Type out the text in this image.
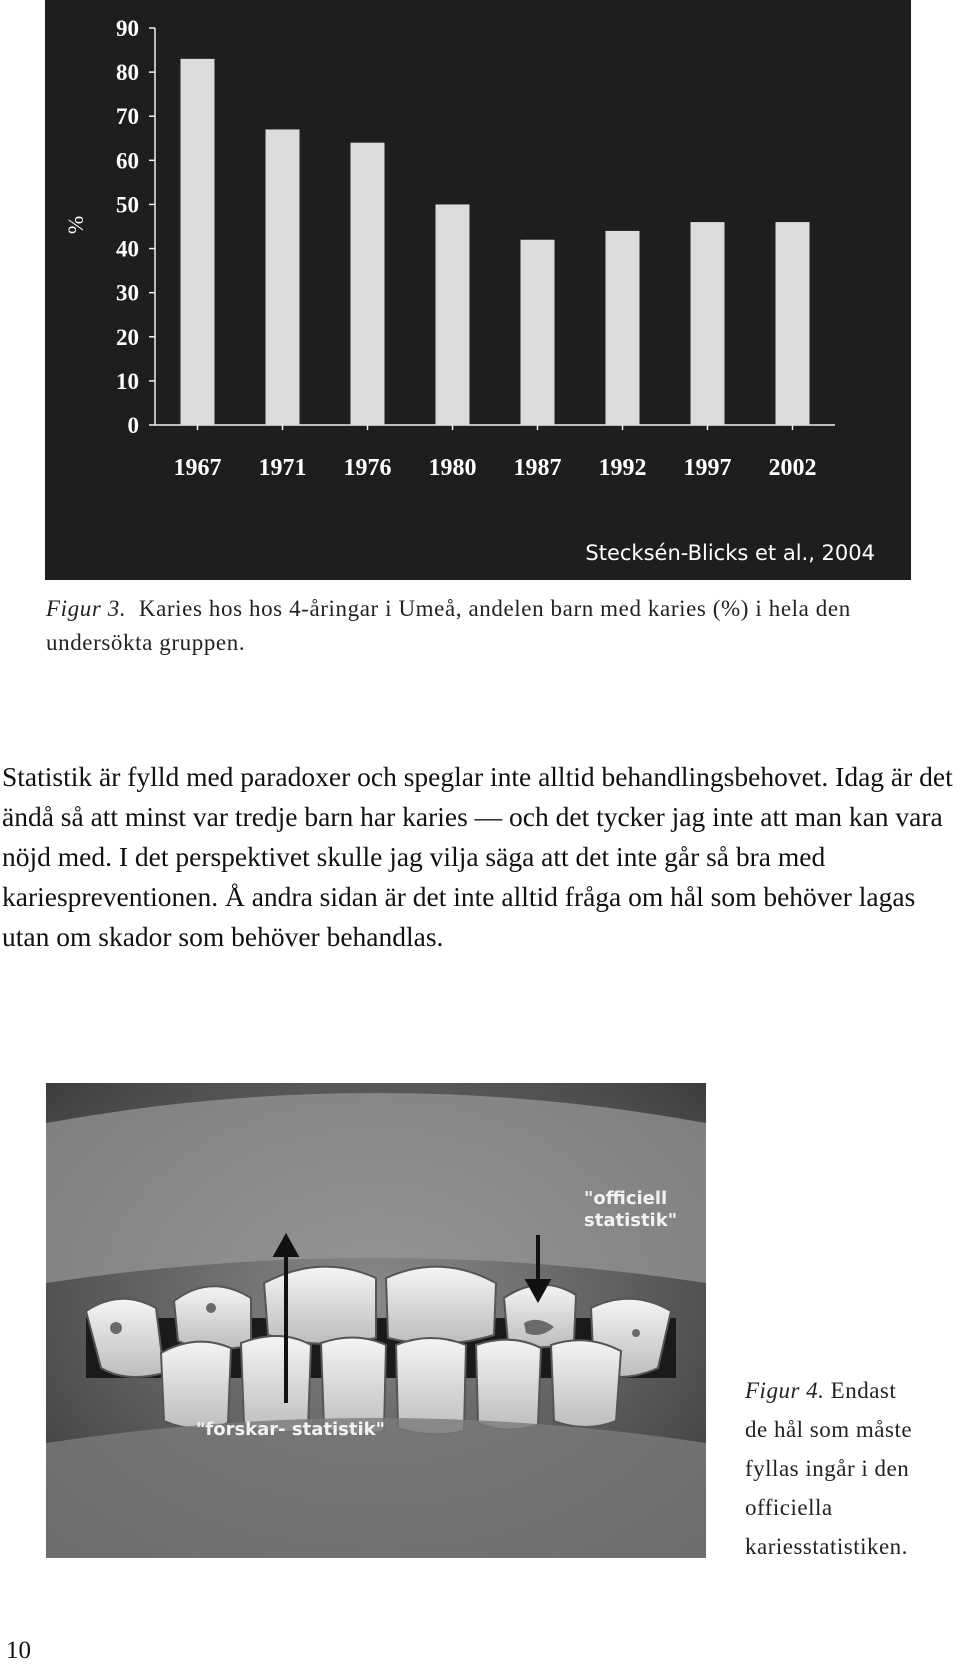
0
10
20
30
40
50
60
70
80
90
%
1967 1971 1976 1980 1987 1992 1997 2002
Stecksén-Blicks et al., 2004
Figur 3. Karies hos hos 4-åringar i Umeå, andelen barn med karies (%) i hela den undersökta gruppen.

Statistik är fylld med paradoxer och speglar inte alltid behandlingsbehovet. Idag är det ändå så att minst var tredje barn har karies — och det tycker jag inte att man kan vara nöjd med. I det perspektivet skulle jag vilja säga att det inte går så bra med kariespreventionen. Å andra sidan är det inte alltid fråga om hål som behöver lagas utan om skador som behöver behandlas.

"officiell statistik"
"forskar- statistik"
Figur 4. Endast de hål som måste fyllas ingår i den officiella kariesstatistiken.
10
